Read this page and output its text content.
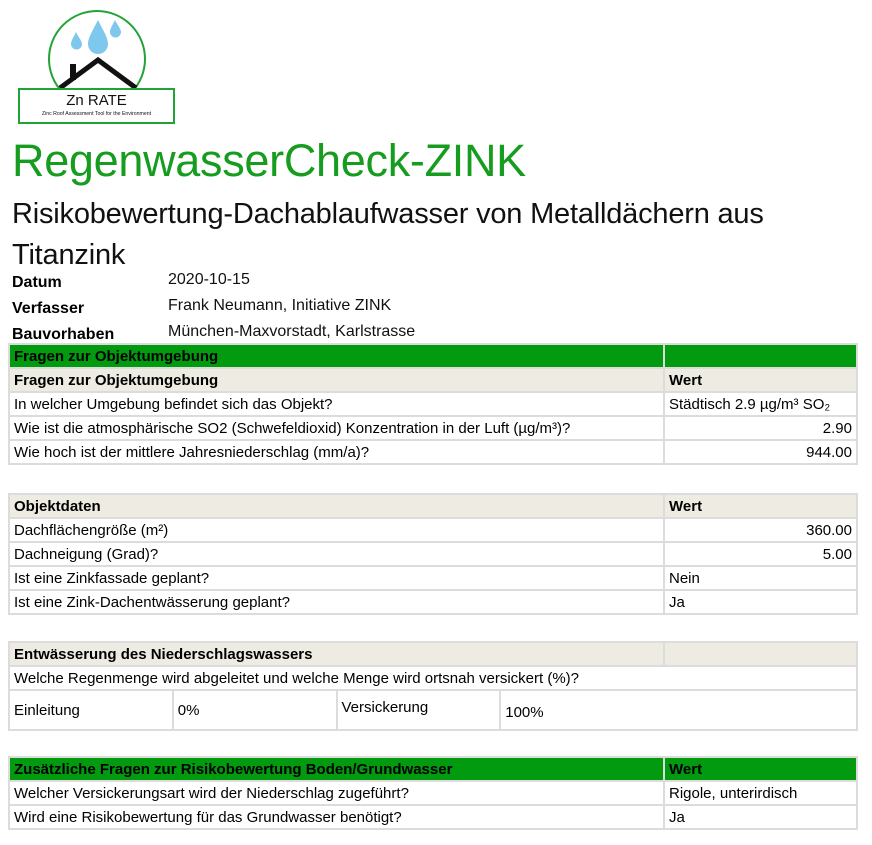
Zn RATE
Zinc Roof Assessment Tool for the Environment
RegenwasserCheck-ZINK
Risikobewertung-Dachablaufwasser von Metalldächern aus Titanzink
Datum	2020-10-15
Verfasser	Frank Neumann, Initiative ZINK
Bauvorhaben	München-Maxvorstadt, Karlstrasse
Fragen zur Objektumgebung	
Fragen zur Objektumgebung	Wert
In welcher Umgebung befindet sich das Objekt?	Städtisch 2.9 µg/m³ SO₂
Wie ist die atmosphärische SO2 (Schwefeldioxid) Konzentration in der Luft (µg/m³)?	2.90
Wie hoch ist der mittlere Jahresniederschlag (mm/a)?	944.00
Objektdaten	Wert
Dachflächengröße (m²)	360.00
Dachneigung (Grad)?	5.00
Ist eine Zinkfassade geplant?	Nein
Ist eine Zink-Dachentwässerung geplant?	Ja
Entwässerung des Niederschlagswassers				
Welche Regenmenge wird abgeleitet und welche Menge wird ortsnah versickert (%)?				
Einleitung	0%	Versickerung	100%	
Zusätzliche Fragen zur Risikobewertung Boden/Grundwasser	Wert
Welcher Versickerungsart wird der Niederschlag zugeführt?	Rigole, unterirdisch
Wird eine Risikobewertung für das Grundwasser benötigt?	Ja
